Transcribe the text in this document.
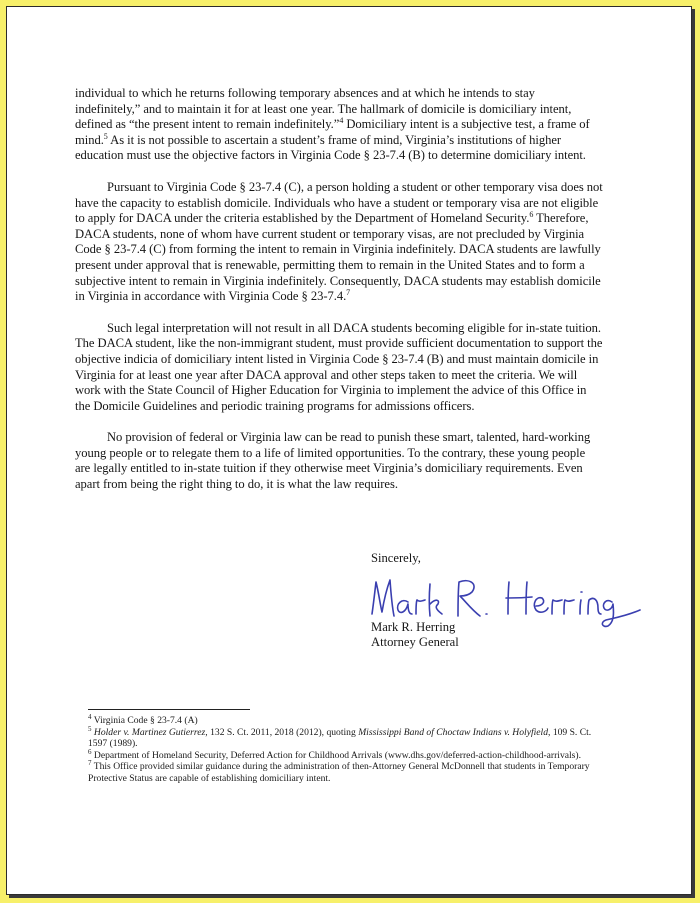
individual to which he returns following temporary absences and at which he intends to stay indefinitely,” and to maintain it for at least one year. The hallmark of domicile is domiciliary intent, defined as “the present intent to remain indefinitely.”$^4$ Domiciliary intent is a subjective test, a frame of mind.$^5$ As it is not possible to ascertain a student’s frame of mind, Virginia’s institutions of higher education must use the objective factors in Virginia Code § 23-7.4 (B) to determine domiciliary intent.

Pursuant to Virginia Code § 23-7.4 (C), a person holding a student or other temporary visa does not have the capacity to establish domicile. Individuals who have a student or temporary visa are not eligible to apply for DACA under the criteria established by the Department of Homeland Security.$^6$ Therefore, DACA students, none of whom have current student or temporary visas, are not precluded by Virginia Code § 23-7.4 (C) from forming the intent to remain in Virginia indefinitely. DACA students are lawfully present under approval that is renewable, permitting them to remain in the United States and to form a subjective intent to remain in Virginia indefinitely. Consequently, DACA students may establish domicile in Virginia in accordance with Virginia Code § 23-7.4.$^7$

Such legal interpretation will not result in all DACA students becoming eligible for in-state tuition. The DACA student, like the non-immigrant student, must provide sufficient documentation to support the objective indicia of domiciliary intent listed in Virginia Code § 23-7.4 (B) and must maintain domicile in Virginia for at least one year after DACA approval and other steps taken to meet the criteria. We will work with the State Council of Higher Education for Virginia to implement the advice of this Office in the Domicile Guidelines and periodic training programs for admissions officers.

No provision of federal or Virginia law can be read to punish these smart, talented, hard-working young people or to relegate them to a life of limited opportunities. To the contrary, these young people are legally entitled to in-state tuition if they otherwise meet Virginia’s domiciliary requirements. Even apart from being the right thing to do, it is what the law requires.

Sincerely,
Mark R. Herring
Attorney General

$^4$ Virginia Code § 23-7.4 (A)

$^5$ Holder v. Martinez Gutierrez, 132 S. Ct. 2011, 2018 (2012), quoting Mississippi Band of Choctaw Indians v. Holyfield, 109 S. Ct. 1597 (1989).

$^6$ Department of Homeland Security, Deferred Action for Childhood Arrivals (www.dhs.gov/deferred-action-childhood-arrivals).

$^7$ This Office provided similar guidance during the administration of then-Attorney General McDonnell that students in Temporary Protective Status are capable of establishing domiciliary intent.
